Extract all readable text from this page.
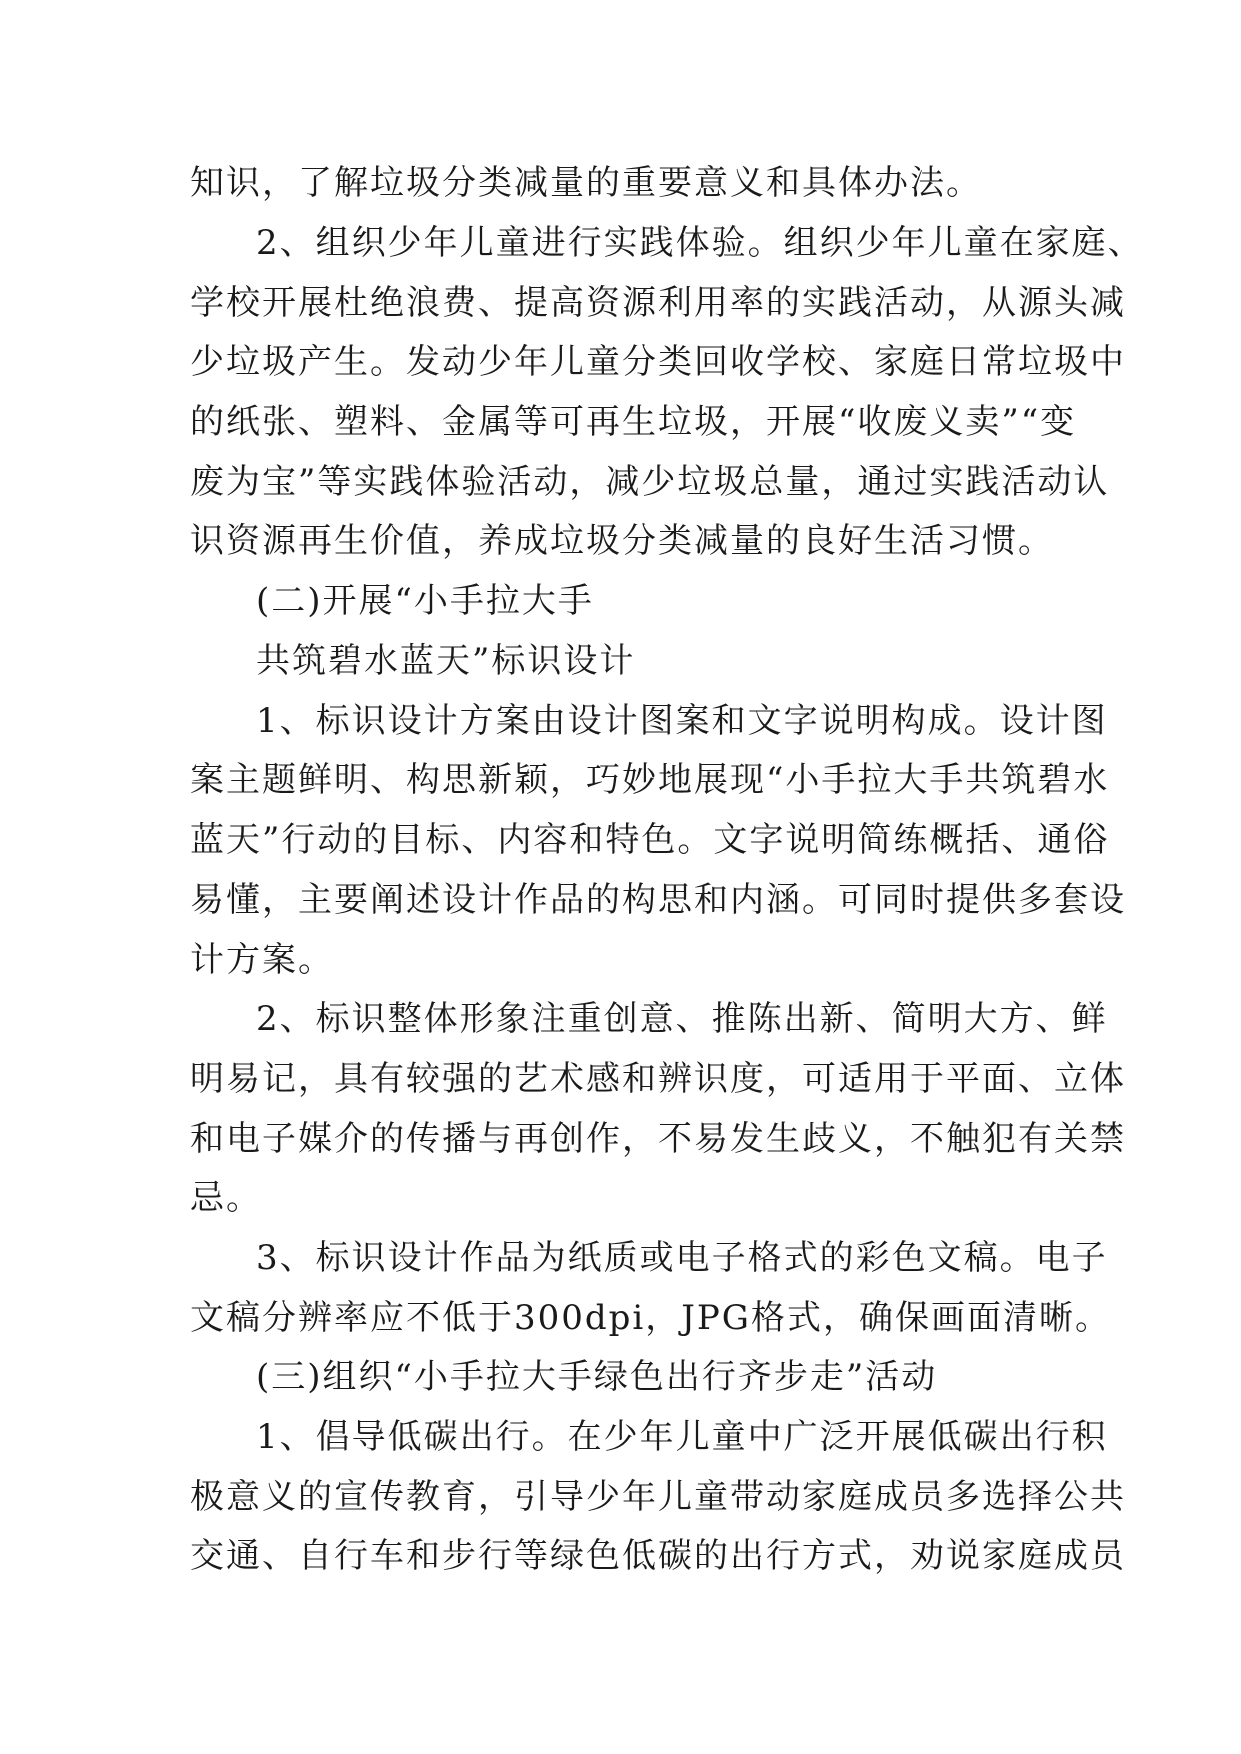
知识，了解垃圾分类减量的重要意义和具体办法。
2、组织少年儿童进行实践体验。组织少年儿童在家庭、
学校开展杜绝浪费、提高资源利用率的实践活动，从源头减
少垃圾产生。发动少年儿童分类回收学校、家庭日常垃圾中
的纸张、塑料、金属等可再生垃圾，开展“收废义卖”“变
废为宝”等实践体验活动，减少垃圾总量，通过实践活动认
识资源再生价值，养成垃圾分类减量的良好生活习惯。
(二)开展“小手拉大手
共筑碧水蓝天”标识设计
1、标识设计方案由设计图案和文字说明构成。设计图
案主题鲜明、构思新颖，巧妙地展现“小手拉大手共筑碧水
蓝天”行动的目标、内容和特色。文字说明简练概括、通俗
易懂，主要阐述设计作品的构思和内涵。可同时提供多套设
计方案。
2、标识整体形象注重创意、推陈出新、简明大方、鲜
明易记，具有较强的艺术感和辨识度，可适用于平面、立体
和电子媒介的传播与再创作，不易发生歧义，不触犯有关禁
忌。
3、标识设计作品为纸质或电子格式的彩色文稿。电子
文稿分辨率应不低于300dpi，JPG格式，确保画面清晰。
(三)组织“小手拉大手绿色出行齐步走”活动
1、倡导低碳出行。在少年儿童中广泛开展低碳出行积
极意义的宣传教育，引导少年儿童带动家庭成员多选择公共
交通、自行车和步行等绿色低碳的出行方式，劝说家庭成员
